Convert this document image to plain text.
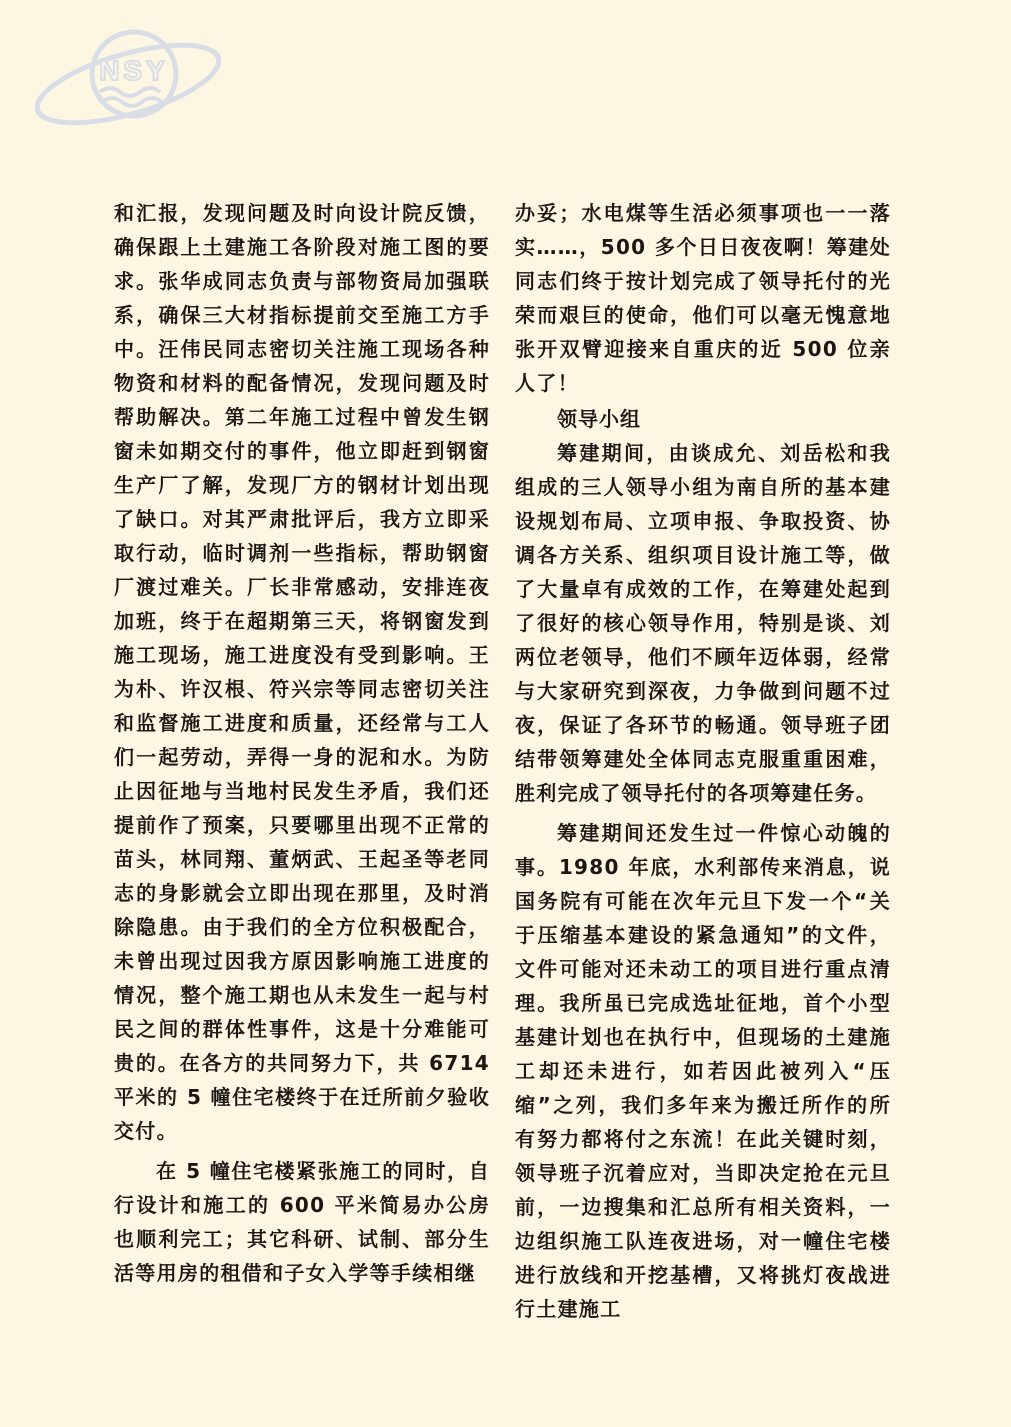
NSY

和汇报，发现问题及时向设计院反馈，确保跟上土建施工各阶段对施工图的要求。张华成同志负责与部物资局加强联系，确保三大材指标提前交至施工方手中。汪伟民同志密切关注施工现场各种物资和材料的配备情况，发现问题及时帮助解决。第二年施工过程中曾发生钢窗未如期交付的事件，他立即赶到钢窗生产厂了解，发现厂方的钢材计划出现了缺口。对其严肃批评后，我方立即采取行动，临时调剂一些指标，帮助钢窗厂渡过难关。厂长非常感动，安排连夜加班，终于在超期第三天，将钢窗发到施工现场，施工进度没有受到影响。王为朴、许汉根、符兴宗等同志密切关注和监督施工进度和质量，还经常与工人们一起劳动，弄得一身的泥和水。为防止因征地与当地村民发生矛盾，我们还提前作了预案，只要哪里出现不正常的苗头，林同翔、董炳武、王起圣等老同志的身影就会立即出现在那里，及时消除隐患。由于我们的全方位积极配合，未曾出现过因我方原因影响施工进度的情况，整个施工期也从未发生一起与村民之间的群体性事件，这是十分难能可贵的。在各方的共同努力下，共 6714 平米的 5 幢住宅楼终于在迁所前夕验收交付。

在 5 幢住宅楼紧张施工的同时，自行设计和施工的 600 平米简易办公房也顺利完工；其它科研、试制、部分生活等用房的租借和子女入学等手续相继

办妥；水电煤等生活必须事项也一一落实……，500 多个日日夜夜啊！筹建处同志们终于按计划完成了领导托付的光荣而艰巨的使命，他们可以毫无愧意地张开双臂迎接来自重庆的近 500 位亲人了！

领导小组

筹建期间，由谈成允、刘岳松和我组成的三人领导小组为南自所的基本建设规划布局、立项申报、争取投资、协调各方关系、组织项目设计施工等，做了大量卓有成效的工作，在筹建处起到了很好的核心领导作用，特别是谈、刘两位老领导，他们不顾年迈体弱，经常与大家研究到深夜，力争做到问题不过夜，保证了各环节的畅通。领导班子团结带领筹建处全体同志克服重重困难，胜利完成了领导托付的各项筹建任务。

筹建期间还发生过一件惊心动魄的事。1980 年底，水利部传来消息，说国务院有可能在次年元旦下发一个“关于压缩基本建设的紧急通知”的文件，文件可能对还未动工的项目进行重点清理。我所虽已完成选址征地，首个小型基建计划也在执行中，但现场的土建施工却还未进行，如若因此被列入“压缩”之列，我们多年来为搬迁所作的所有努力都将付之东流！在此关键时刻，领导班子沉着应对，当即决定抢在元旦前，一边搜集和汇总所有相关资料，一边组织施工队连夜进场，对一幢住宅楼进行放线和开挖基槽，又将挑灯夜战进行土建施工
